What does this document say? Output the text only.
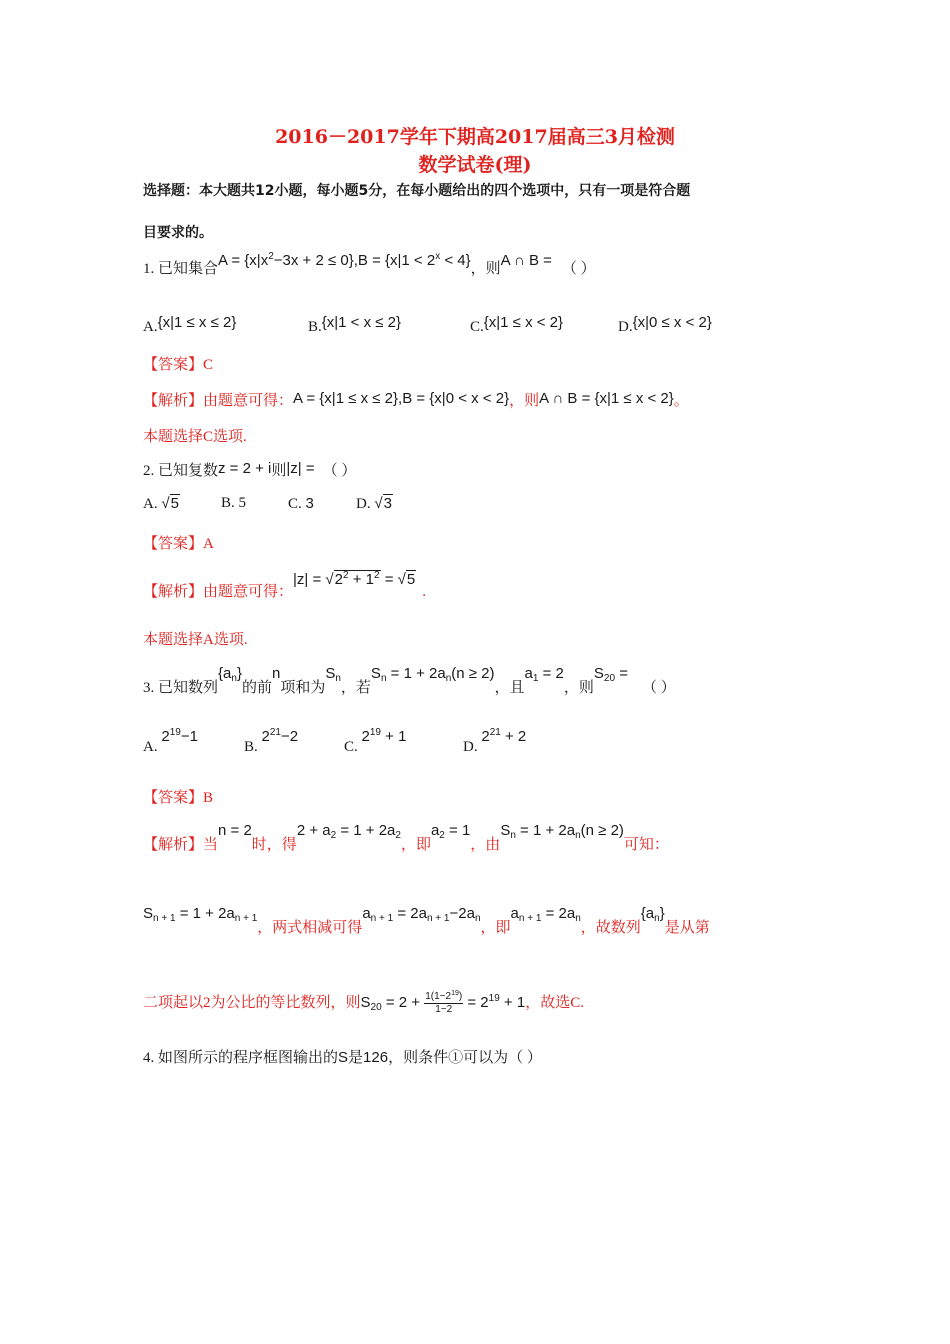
2016－2017学年下期高2017届高三3月检测
数学试卷(理)
选择题：本大题共12小题，每小题5分，在每小题给出的四个选项中，只有一项是符合题
目要求的。
1. 已知集合$A = \{x|x^2-3x + 2 \le 0\},B = \{x|1 < 2^x < 4\}$，则A ∩ B = （ ）
A.{x|1 ≤ x ≤ 2}	B.{x|1 < x ≤ 2}	C.{x|1 ≤ x < 2}	D.{x|0 ≤ x < 2}
【答案】C
【解析】由题意可得：A = {x|1 ≤ x ≤ 2},B = {x|0 < x < 2}，则A ∩ B = {x|1 ≤ x < 2}。
本题选择C选项.
2. 已知复数z = 2 + i则|z| = （ ）
A. √5	B. 5	C. 3	D. √3
【答案】A
【解析】由题意可得：$|z| = √2^2 + 1^2 = √5$.
本题选择A选项.
3. 已知数列$\{a_n\}$的前n项和为$S_n$，若$S_n = 1 + 2a_n(n \ge 2)$，且$a_1 = 2$，则$S_{20}$ =（ ）
A. $2^{19}-1$
B. $2^{21}-2$
C. $2^{19} + 1$
D. $2^{21} + 2$
【答案】B
【解析】当n = 2时，得$2 + a_2 = 1 + 2a_2$，即$a_2 = 1$，由$S_n = 1 + 2a_n(n \ge 2)$可知：
$S_{n + 1} = 1 + 2a_{n + 1}$，两式相减可得$a_{n + 1} = 2a_{n + 1}-2a_n$，即$a_{n + 1} = 2a_n$，故数列$\{a_n\}$是从第
二项起以2为公比的等比数列，则$S_{20} = 2 + \frac{1(1-2^{19})}{1-2} = 2^{19} + 1$，故选C.
4. 如图所示的程序框图输出的S是126，则条件①可以为（ ）
